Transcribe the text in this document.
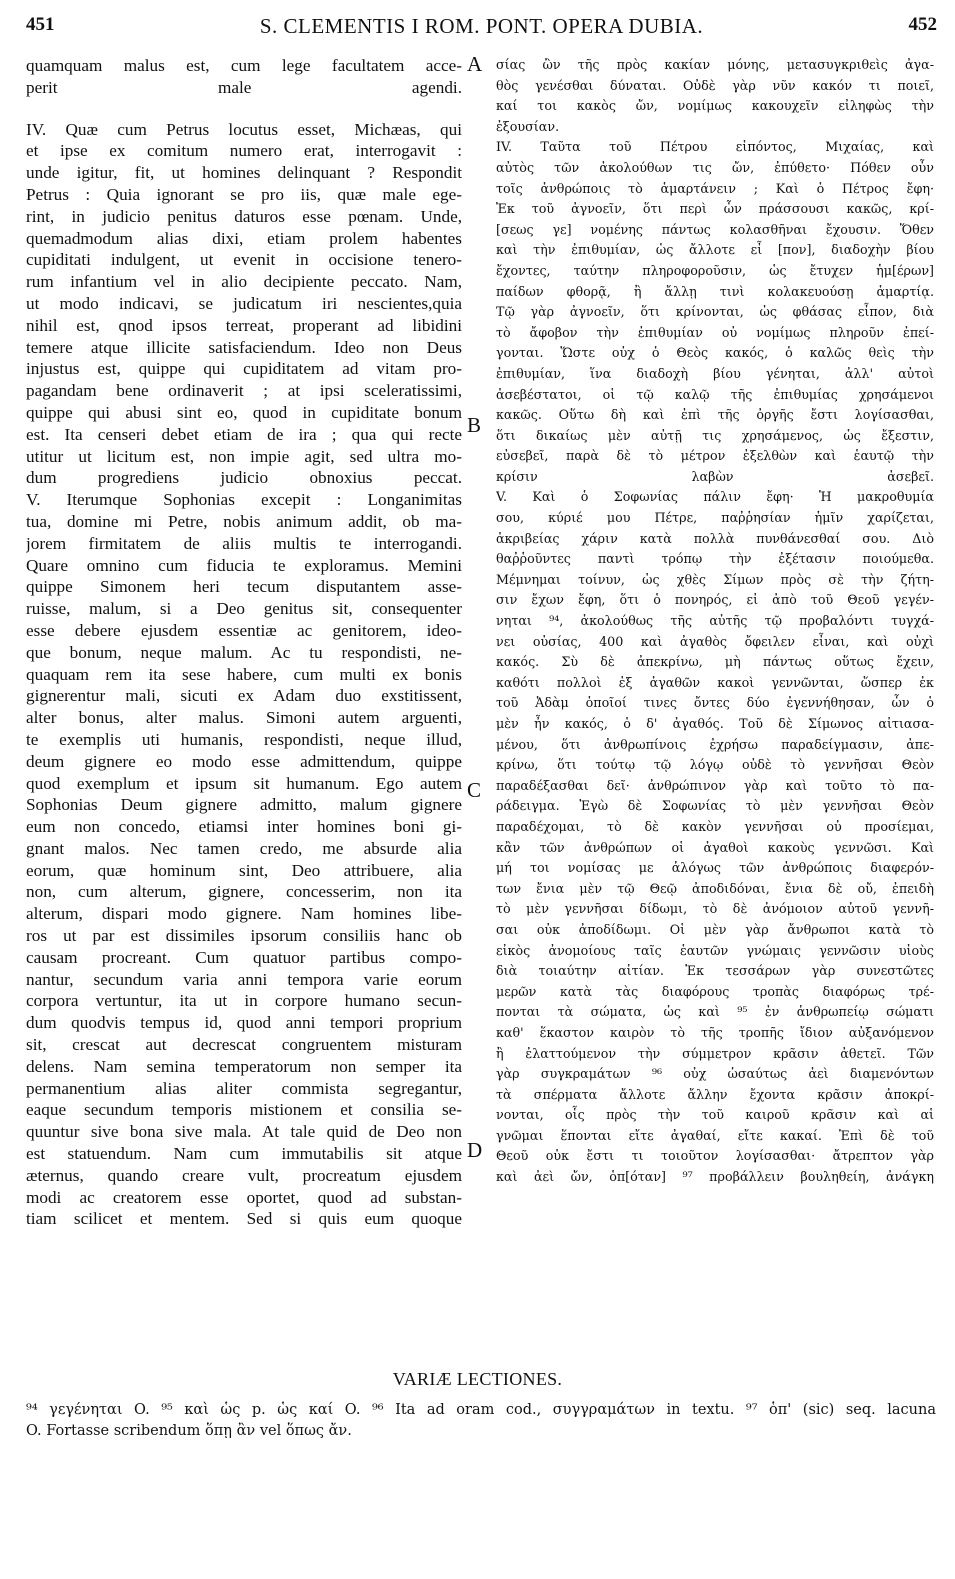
451	S. CLEMENTIS I ROM. PONT. OPERA DUBIA.	452
quamquam malus est, cum lege facultatem acce-
perit male agendi.
IV. Quæ cum Petrus locutus esset, Michæas, qui
et ipse ex comitum numero erat, interrogavit :
unde igitur, fit, ut homines delinquant ? Respondit
Petrus : Quia ignorant se pro iis, quæ male ege-
rint, in judicio penitus daturos esse pœnam. Unde,
quemadmodum alias dixi, etiam prolem habentes
cupiditati indulgent, ut evenit in occisione tenero-
rum infantium vel in alio decipiente peccato. Nam,
ut modo indicavi, se judicatum iri nescientes,quia
nihil est, qnod ipsos terreat, properant ad libidini
temere atque illicite satisfaciendum. Ideo non Deus
injustus est, quippe qui cupiditatem ad vitam pro-
pagandam bene ordinaverit ; at ipsi sceleratissimi,
quippe qui abusi sint eo, quod in cupiditate bonum
est. Ita censeri debet etiam de ira ; qua qui recte
utitur ut licitum est, non impie agit, sed ultra mo-
dum progrediens judicio obnoxius peccat.
V. Iterumque Sophonias excepit : Longanimitas
tua, domine mi Petre, nobis animum addit, ob ma-
jorem firmitatem de aliis multis te interrogandi.
Quare omnino cum fiducia te exploramus. Memini
quippe Simonem heri tecum disputantem asse-
ruisse, malum, si a Deo genitus sit, consequenter
esse debere ejusdem essentiæ ac genitorem, ideo-
que bonum, neque malum. Ac tu respondisti, ne-
quaquam rem ita sese habere, cum multi ex bonis
gignerentur mali, sicuti ex Adam duo exstitissent,
alter bonus, alter malus. Simoni autem arguenti,
te exemplis uti humanis, respondisti, neque illud,
deum gignere eo modo esse admittendum, quippe
quod exemplum et ipsum sit humanum. Ego autem
Sophonias Deum gignere admitto, malum gignere
eum non concedo, etiamsi inter homines boni gi-
gnant malos. Nec tamen credo, me absurde alia
eorum, quæ hominum sint, Deo attribuere, alia
non, cum alterum, gignere, concesserim, non ita
alterum, dispari modo gignere. Nam homines libe-
ros ut par est dissimiles ipsorum consiliis hanc ob
causam procreant. Cum quatuor partibus compo-
nantur, secundum varia anni tempora varie eorum
corpora vertuntur, ita ut in corpore humano secun-
dum quodvis tempus id, quod anni tempori proprium
sit, crescat aut decrescat congruentem misturam
delens. Nam semina temperatorum non semper ita
permanentium alias aliter commista segregantur,
eaque secundum temporis mistionem et consilia se-
quuntur sive bona sive mala. At tale quid de Deo non
est statuendum. Nam cum immutabilis sit atque
æternus, quando creare vult, procreatum ejusdem
modi ac creatorem esse oportet, quod ad substan-
tiam scilicet et mentem. Sed si quis eum quoque
σίας ὢν τῆς πρὸς κακίαν μόνης, μετασυγκριθεὶς ἀγα-
θὸς γενέσθαι δύναται. Οὐδὲ γὰρ νῦν κακόν τι ποιεῖ,
καί τοι κακὸς ὤν, νομίμως κακουχεῖν εἰληφὼς τὴν
ἐξουσίαν.
IV. Ταῦτα τοῦ Πέτρου εἰπόντος, Μιχαίας, καὶ
αὐτὸς τῶν ἀκολούθων τις ὤν, ἐπύθετο· Πόθεν οὖν
τοῖς ἀνθρώποις τὸ ἁμαρτάνειν ; Καὶ ὁ Πέτρος ἔφη·
Ἐκ τοῦ ἀγνοεῖν, ὅτι περὶ ὧν πράσσουσι κακῶς, κρί-
[σεως γε] νομένης πάντως κολασθῆναι ἔχουσιν. Ὅθεν
καὶ τὴν ἐπιθυμίαν, ὡς ἄλλοτε εἶ [πον], διαδοχὴν βίου
ἔχοντες, ταύτην πληροφοροῦσιν, ὡς ἔτυχεν ἡμ[έρων]
παίδων φθορᾷ, ἢ ἄλλῃ τινὶ κολακευούσῃ ἁμαρτίᾳ.
Τῷ γὰρ ἀγνοεῖν, ὅτι κρίνονται, ὡς φθάσας εἶπον, διὰ
τὸ ἄφοβον τὴν ἐπιθυμίαν οὐ νομίμως πληροῦν ἐπεί-
γονται. Ὥστε οὐχ ὁ Θεὸς κακός, ὁ καλῶς θεὶς τὴν
ἐπιθυμίαν, ἵνα διαδοχὴ βίου γένηται, ἀλλ' αὐτοὶ
ἀσεβέστατοι, οἱ τῷ καλῷ τῆς ἐπιθυμίας χρησάμενοι
κακῶς. Οὕτω δὴ καὶ ἐπὶ τῆς ὀργῆς ἔστι λογίσασθαι,
ὅτι δικαίως μὲν αὐτῇ τις χρησάμενος, ὡς ἔξεστιν,
εὐσεβεῖ, παρὰ δὲ τὸ μέτρον ἐξελθὼν καὶ ἑαυτῷ τὴν
κρίσιν λαβὼν ἀσεβεῖ.
V. Καὶ ὁ Σοφωνίας πάλιν ἔφη· Ἡ μακροθυμία
σου, κύριέ μου Πέτρε, παῤῥησίαν ἡμῖν χαρίζεται,
ἀκριβείας χάριν κατὰ πολλὰ πυνθάνεσθαί σου. Διὸ
θαῤῥοῦντες παντὶ τρόπῳ τὴν ἐξέτασιν ποιούμεθα.
Μέμνημαι τοίνυν, ὡς χθὲς Σίμων πρὸς σὲ τὴν ζήτη-
σιν ἔχων ἔφη, ὅτι ὁ πονηρός, εἰ ἀπὸ τοῦ Θεοῦ γεγέν-
νηται ⁹⁴, ἀκολούθως τῆς αὐτῆς τῷ προβαλόντι τυγχά-
νει οὐσίας, 400 καὶ ἀγαθὸς ὄφειλεν εἶναι, καὶ οὐχὶ
κακός. Σὺ δὲ ἀπεκρίνω, μὴ πάντως οὕτως ἔχειν,
καθότι πολλοὶ ἐξ ἀγαθῶν κακοὶ γεννῶνται, ὥσπερ ἐκ
τοῦ Ἀδὰμ ὁποῖοί τινες ὄντες δύο ἐγεννήθησαν, ὧν ὁ
μὲν ἦν κακός, ὁ δ' ἀγαθός. Τοῦ δὲ Σίμωνος αἰτιασα-
μένου, ὅτι ἀνθρωπίνοις ἐχρήσω παραδείγμασιν, ἀπε-
κρίνω, ὅτι τούτῳ τῷ λόγῳ οὐδὲ τὸ γεννῆσαι Θεὸν
παραδέξασθαι δεῖ· ἀνθρώπινον γὰρ καὶ τοῦτο τὸ πα-
ράδειγμα. Ἐγὼ δὲ Σοφωνίας τὸ μὲν γεννῆσαι Θεὸν
παραδέχομαι, τὸ δὲ κακὸν γεννῆσαι οὐ προσίεμαι,
κἂν τῶν ἀνθρώπων οἱ ἀγαθοὶ κακοὺς γεννῶσι. Καὶ
μή τοι νομίσας με ἀλόγως τῶν ἀνθρώποις διαφερόν-
των ἔνια μὲν τῷ Θεῷ ἀποδιδόναι, ἔνια δὲ οὔ, ἐπειδὴ
τὸ μὲν γεννῆσαι δίδωμι, τὸ δὲ ἀνόμοιον αὐτοῦ γεννῆ-
σαι οὐκ ἀποδίδωμι. Οἱ μὲν γὰρ ἄνθρωποι κατὰ τὸ
εἰκὸς ἀνομοίους ταῖς ἑαυτῶν γνώμαις γεννῶσιν υἱοὺς
διὰ τοιαύτην αἰτίαν. Ἐκ τεσσάρων γὰρ συνεστῶτες
μερῶν κατὰ τὰς διαφόρους τροπὰς διαφόρως τρέ-
πονται τὰ σώματα, ὡς καὶ ⁹⁵ ἐν ἀνθρωπείῳ σώματι
καθ' ἕκαστον καιρὸν τὸ τῆς τροπῆς ἴδιον αὐξανόμενον
ἢ ἐλαττούμενον τὴν σύμμετρον κρᾶσιν ἀθετεῖ. Τῶν
γὰρ συγκραμάτων ⁹⁶ οὐχ ὡσαύτως ἀεὶ διαμενόντων
τὰ σπέρματα ἄλλοτε ἄλλην ἔχοντα κρᾶσιν ἀποκρί-
νονται, οἷς πρὸς τὴν τοῦ καιροῦ κρᾶσιν καὶ αἱ
γνῶμαι ἕπονται εἴτε ἀγαθαί, εἴτε κακαί. Ἐπὶ δὲ τοῦ
Θεοῦ οὐκ ἔστι τι τοιοῦτον λογίσασθαι· ἄτρεπτον γὰρ
καὶ ἀεὶ ὤν, ὁπ[όταν] ⁹⁷ προβάλλειν βουληθείη, ἀνάγκη
A
B
C
D
VARIÆ LECTIONES.
⁹⁴ γεγένηται O. ⁹⁵ καὶ ὡς p. ὡς καί O. ⁹⁶ Ita ad oram cod., συγγραμάτων in textu. ⁹⁷ ὁπ' (sic) seq. lacuna
O. Fortasse scribendum ὅπῃ ἂν vel ὅπως ἄν.
